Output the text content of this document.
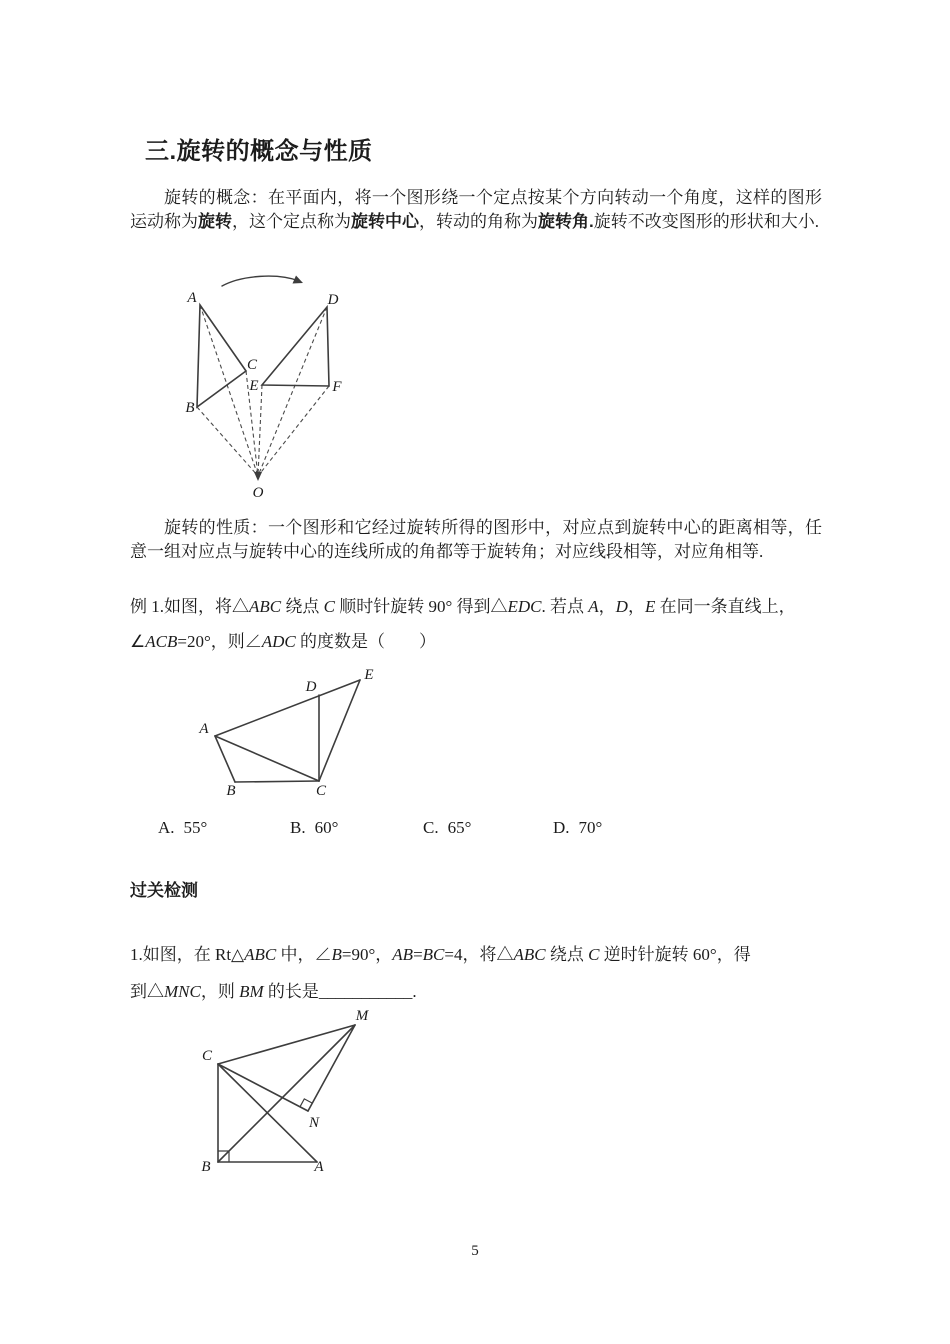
三.旋转的概念与性质
旋转的概念：在平面内，将一个图形绕一个定点按某个方向转动一个角度，这样的图形运动称为旋转，这个定点称为旋转中心，转动的角称为旋转角.旋转不改变图形的形状和大小.
A
B
C
D
E	F
O
旋转的性质：一个图形和它经过旋转所得的图形中，对应点到旋转中心的距离相等，任意一组对应点与旋转中心的连线所成的角都等于旋转角；对应线段相等，对应角相等.
例 1.如图，将△ABC 绕点 C 顺时针旋转 90° 得到△EDC. 若点 A，D，E 在同一条直线上，
∠ACB=20°，则∠ADC 的度数是（　　）
E
D
A
B	C
A. 55°	B. 60°	C. 65°	D. 70°
过关检测
1.如图，在 Rt△ABC 中，∠B=90°，AB=BC=4，将△ABC 绕点 C 逆时针旋转 60°，得
到△MNC，则 BM 的长是___________.
M
C
N
B	A
5
